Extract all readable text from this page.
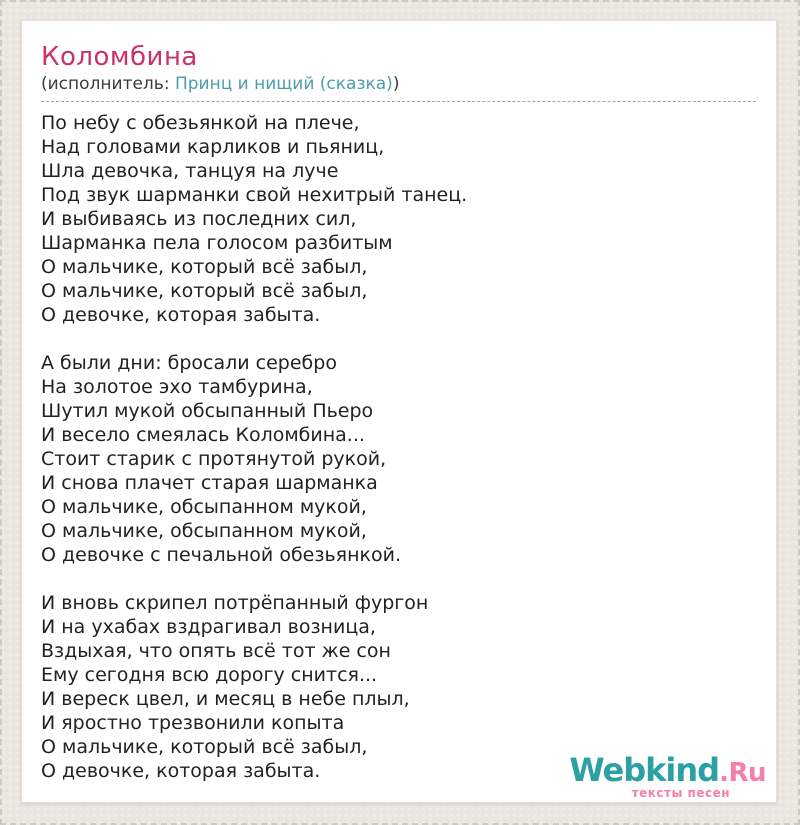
Коломбина
(исполнитель: Принц и нищий (сказка))
По небу с обезьянкой на плече,
Над головами карликов и пьяниц,
Шла девочка, танцуя на луче
Под звук шарманки свой нехитрый танец.
И выбиваясь из последних сил,
Шарманка пела голосом разбитым
О мальчике, который всё забыл,
О мальчике, который всё забыл,
О девочке, которая забыта.
А были дни: бросали серебро
На золотое эхо тамбурина,
Шутил мукой обсыпанный Пьеро
И весело смеялась Коломбина...
Стоит старик с протянутой рукой,
И снова плачет старая шарманка
О мальчике, обсыпанном мукой,
О мальчике, обсыпанном мукой,
О девочке с печальной обезьянкой.
И вновь скрипел потрёпанный фургон
И на ухабах вздрагивал возница,
Вздыхая, что опять всё тот же сон
Ему сегодня всю дорогу снится...
И вереск цвел, и месяц в небе плыл,
И яростно трезвонили копыта
О мальчике, который всё забыл,
О девочке, которая забыта.	Webkind.Ru
тексты песен
